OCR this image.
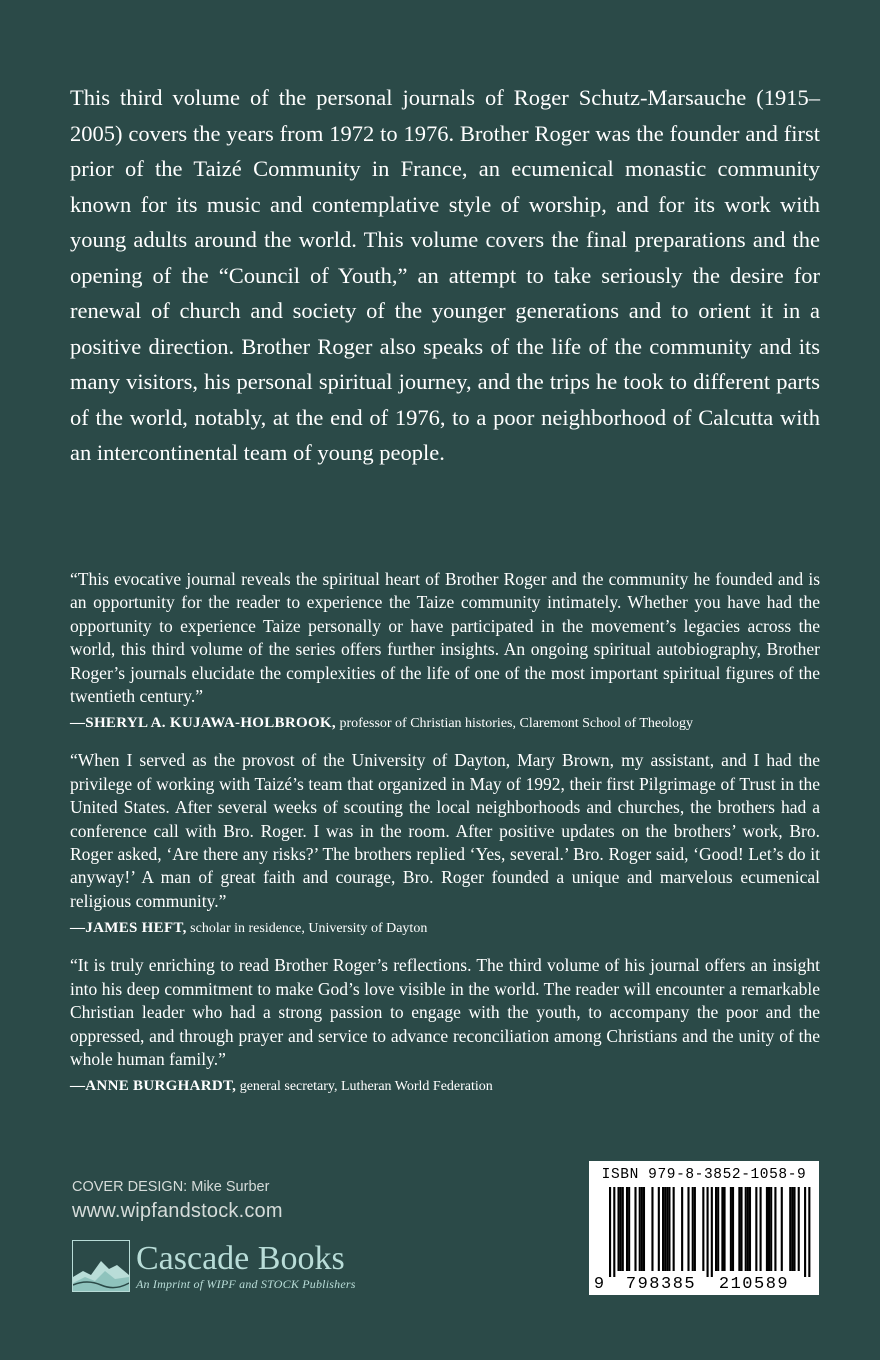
This third volume of the personal journals of Roger Schutz-Marsauche (1915–2005) covers the years from 1972 to 1976. Brother Roger was the founder and first prior of the Taizé Community in France, an ecumenical monastic community known for its music and contemplative style of worship, and for its work with young adults around the world. This volume covers the final preparations and the opening of the “Council of Youth,” an attempt to take seriously the desire for renewal of church and society of the younger generations and to orient it in a positive direction. Brother Roger also speaks of the life of the community and its many visitors, his personal spiritual journey, and the trips he took to different parts of the world, notably, at the end of 1976, to a poor neighborhood of Calcutta with an intercontinental team of young people.

“This evocative journal reveals the spiritual heart of Brother Roger and the community he founded and is an opportunity for the reader to experience the Taize community intimately. Whether you have had the opportunity to experience Taize personally or have participated in the movement’s legacies across the world, this third volume of the series offers further insights. An ongoing spiritual autobiography, Brother Roger’s journals elucidate the complexities of the life of one of the most important spiritual figures of the twentieth century.”

—SHERYL A. KUJAWA-HOLBROOK, professor of Christian histories, Claremont School of Theology

“When I served as the provost of the University of Dayton, Mary Brown, my assistant, and I had the privilege of working with Taizé’s team that organized in May of 1992, their first Pilgrimage of Trust in the United States. After several weeks of scouting the local neighborhoods and churches, the brothers had a conference call with Bro. Roger. I was in the room. After positive updates on the brothers’ work, Bro. Roger asked, ‘Are there any risks?’ The brothers replied ‘Yes, several.’ Bro. Roger said, ‘Good! Let’s do it anyway!’ A man of great faith and courage, Bro. Roger founded a unique and marvelous ecumenical religious community.”

—JAMES HEFT, scholar in residence, University of Dayton

“It is truly enriching to read Brother Roger’s reflections. The third volume of his journal offers an insight into his deep commitment to make God’s love visible in the world. The reader will encounter a remarkable Christian leader who had a strong passion to engage with the youth, to accompany the poor and the oppressed, and through prayer and service to advance reconciliation among Christians and the unity of the whole human family.”

—ANNE BURGHARDT, general secretary, Lutheran World Federation

COVER DESIGN: Mike Surber

www.wipfandstock.com

Cascade Books

An Imprint of WIPF and STOCK Publishers

ISBN 979-8-3852-1058-9

9 798385 210589
